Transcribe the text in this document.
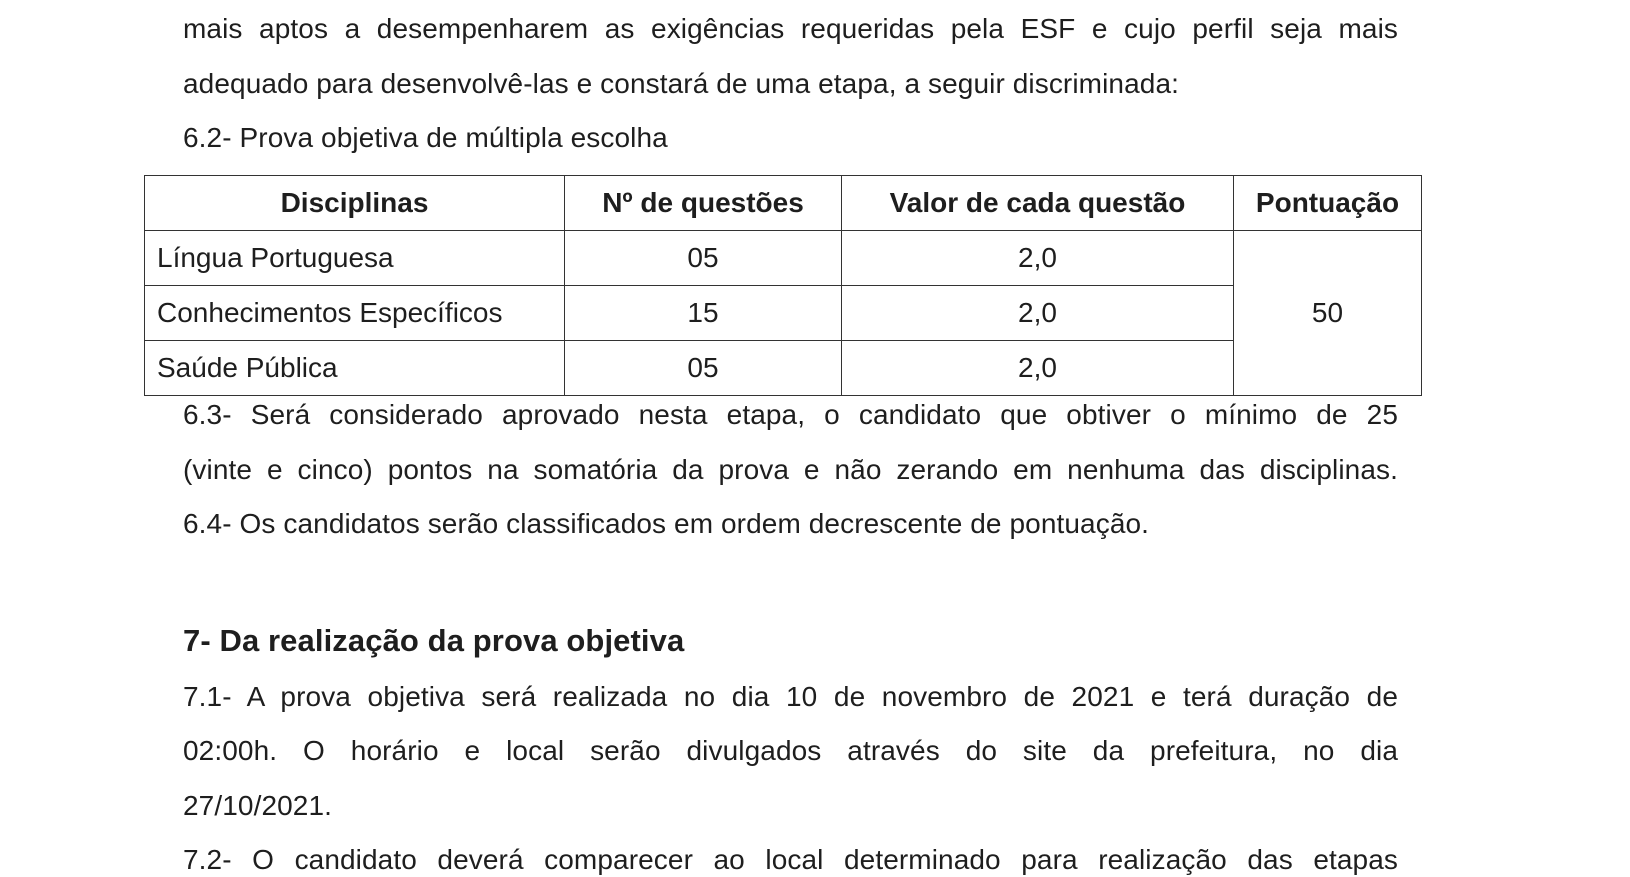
mais aptos a desempenharem as exigências requeridas pela ESF e cujo perfil seja mais
adequado para desenvolvê-las e constará de uma etapa, a seguir discriminada:
6.2- Prova objetiva de múltipla escolha
Disciplinas	Nº de questões	Valor de cada questão	Pontuação
Língua Portuguesa	05	2,0	50
Conhecimentos Específicos	15	2,0	
Saúde Pública	05	2,0	
6.3- Será considerado aprovado nesta etapa, o candidato que obtiver o mínimo de 25
(vinte e cinco) pontos na somatória da prova e não zerando em nenhuma das disciplinas.
6.4- Os candidatos serão classificados em ordem decrescente de pontuação.
7- Da realização da prova objetiva
7.1- A prova objetiva será realizada no dia 10 de novembro de 2021 e terá duração de
02:00h. O horário e local serão divulgados através do site da prefeitura, no dia
27/10/2021.
7.2- O candidato deverá comparecer ao local determinado para realização das etapas
